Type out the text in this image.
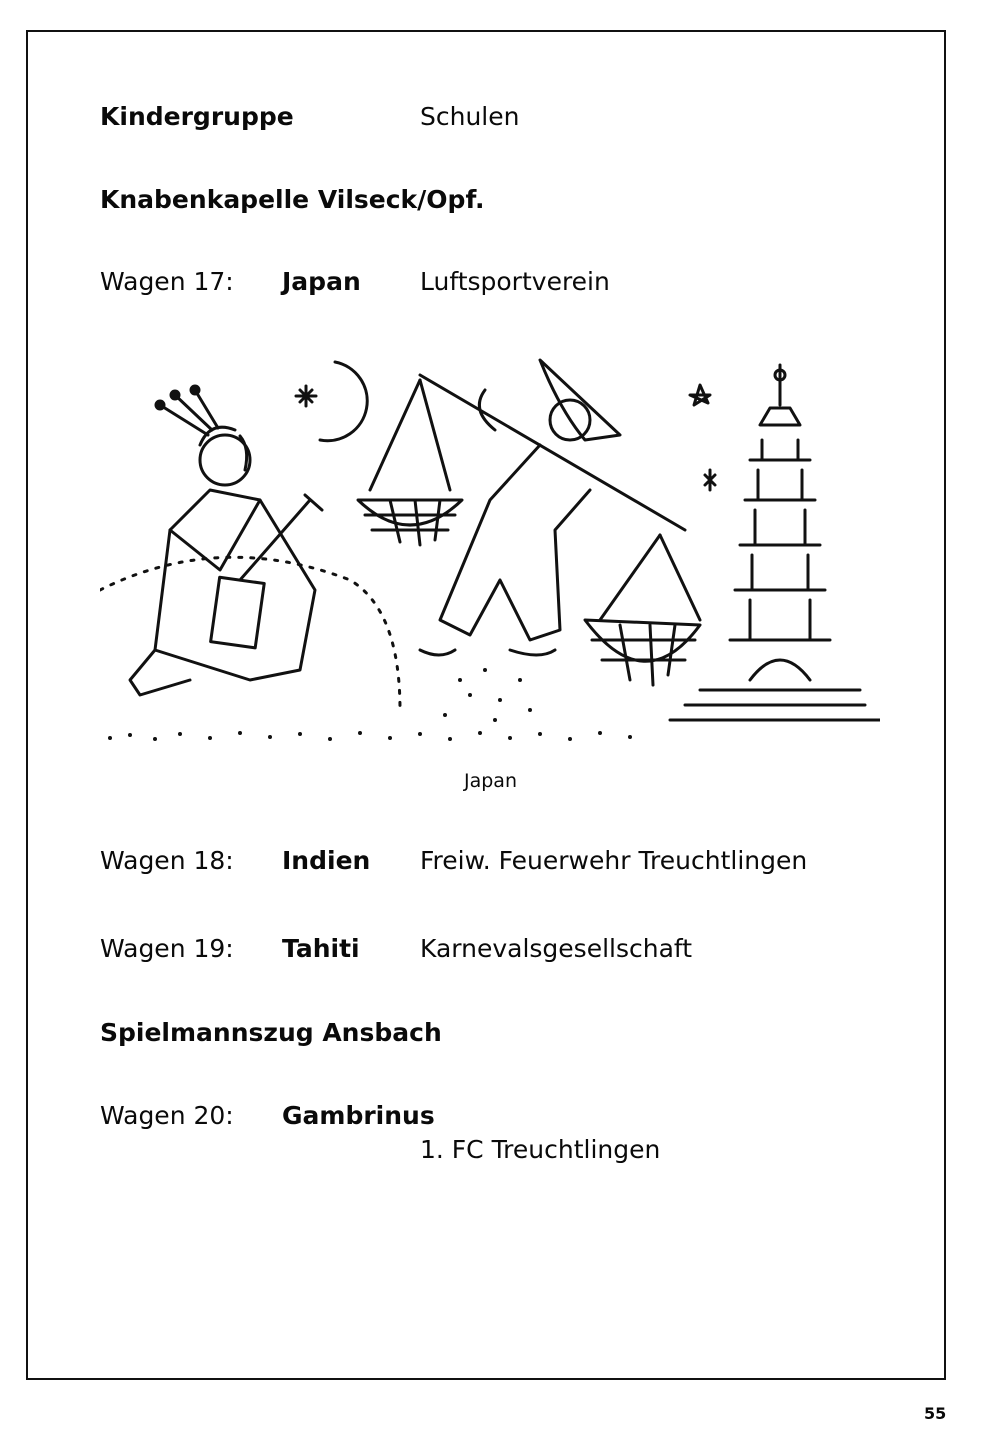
Kindergruppe	Schulen
Knabenkapelle Vilseck/Opf.
Wagen 17: Japan Luftsportverein
Japan
Wagen 18: Indien Freiw. Feuerwehr Treuchtlingen
Wagen 19: Tahiti Karnevalsgesellschaft
Spielmannszug Ansbach
Wagen 20: Gambrinus
1. FC Treuchtlingen
55
